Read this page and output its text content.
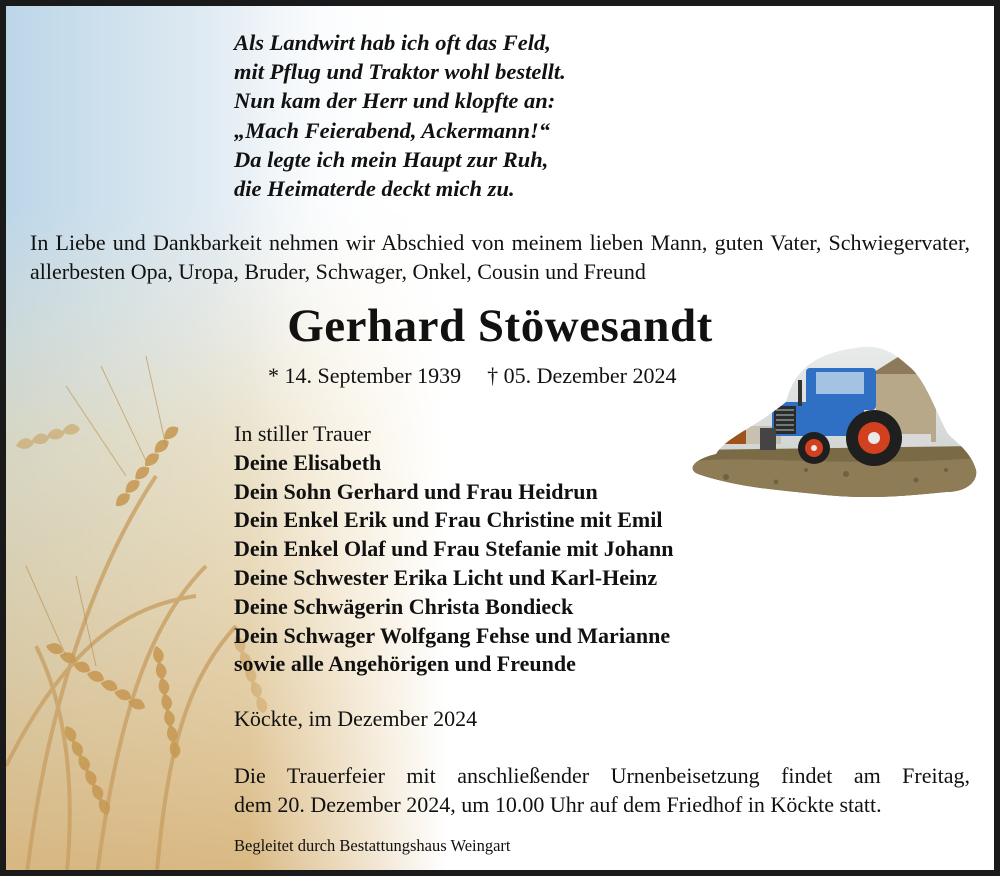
Als Landwirt hab ich oft das Feld,
mit Pflug und Traktor wohl bestellt.
Nun kam der Herr und klopfte an:
„Mach Feierabend, Ackermann!“
Da legte ich mein Haupt zur Ruh,
die Heimaterde deckt mich zu.
In Liebe und Dankbarkeit nehmen wir Abschied von meinem lieben Mann, guten Vater, Schwiegervater, allerbesten Opa, Uropa, Bruder, Schwager, Onkel, Cousin und Freund
Gerhard Stöwesandt
* 14. September 1939 † 05. Dezember 2024
In stiller Trauer
Deine Elisabeth
Dein Sohn Gerhard und Frau Heidrun
Dein Enkel Erik und Frau Christine mit Emil
Dein Enkel Olaf und Frau Stefanie mit Johann
Deine Schwester Erika Licht und Karl-Heinz
Deine Schwägerin Christa Bondieck
Dein Schwager Wolfgang Fehse und Marianne
sowie alle Angehörigen und Freunde
Köckte, im Dezember 2024
Die Trauerfeier mit anschließender Urnenbeisetzung findet am Freitag,
dem 20. Dezember 2024, um 10.00 Uhr auf dem Friedhof in Köckte statt.
Begleitet durch Bestattungshaus Weingart
